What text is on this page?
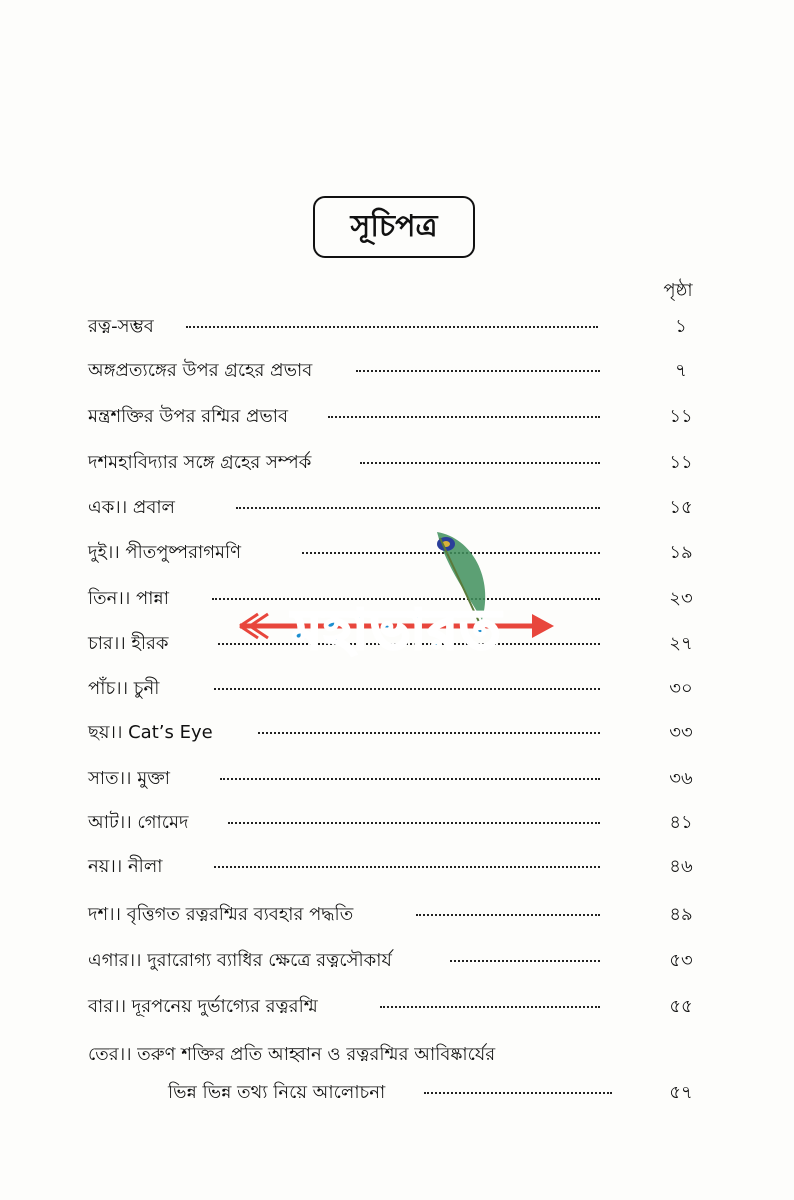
সূচিপত্র
পৃষ্ঠা
রত্ন-সম্ভব	১
অঙ্গপ্রত্যঙ্গের উপর গ্রহের প্রভাব	৭
মন্ত্রশক্তির উপর রশ্মির প্রভাব	১১
দশমহাবিদ্যার সঙ্গে গ্রহের সম্পর্ক	১১
এক।। প্রবাল	১৫
দুই।। পীতপুষ্পরাগমণি	১৯
তিন।। পান্না	২৩
চার।। হীরক	২৭
পাঁচ।। চুনী	৩০
ছয়।। Cat’s Eye	৩৩
সাত।। মুক্তা	৩৬
আট।। গোমেদ	৪১
নয়।। নীলা	৪৬
দশ।। বৃত্তিগত রত্নরশ্মির ব্যবহার পদ্ধতি	৪৯
এগার।। দুরারোগ্য ব্যাধির ক্ষেত্রে রত্নসৌকার্য	৫৩
বার।। দূরপনেয় দুর্ভাগ্যের রত্নরশ্মি	৫৫
তের।। তরুণ শক্তির প্রতি আহ্বান ও রত্নরশ্মির আবিষ্কার্যের
ভিন্ন ভিন্ন তথ্য নিয়ে আলোচনা	৫৭
মহাভারত
